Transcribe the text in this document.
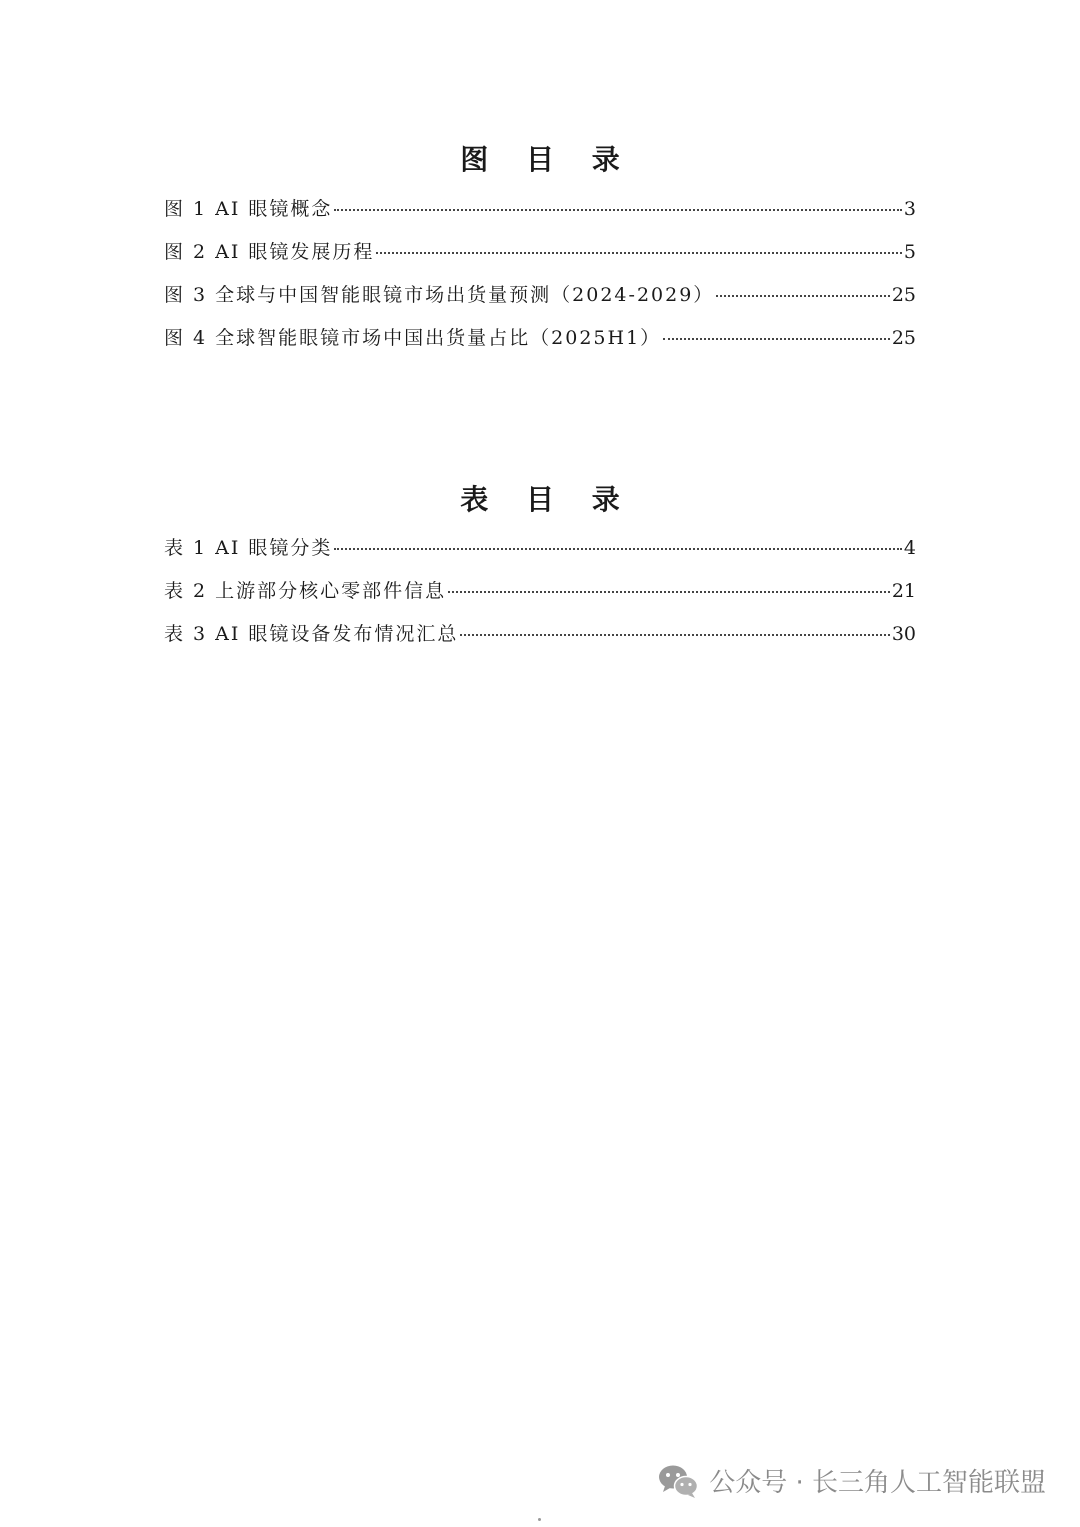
图 目 录
图 1 AI 眼镜概念	3
图 2 AI 眼镜发展历程	5
图 3 全球与中国智能眼镜市场出货量预测（2024-2029）	25
图 4 全球智能眼镜市场中国出货量占比（2025H1）	25
表 目 录
表 1 AI 眼镜分类	4
表 2 上游部分核心零部件信息	21
表 3 AI 眼镜设备发布情况汇总	30
公众号 · 长三角人工智能联盟
